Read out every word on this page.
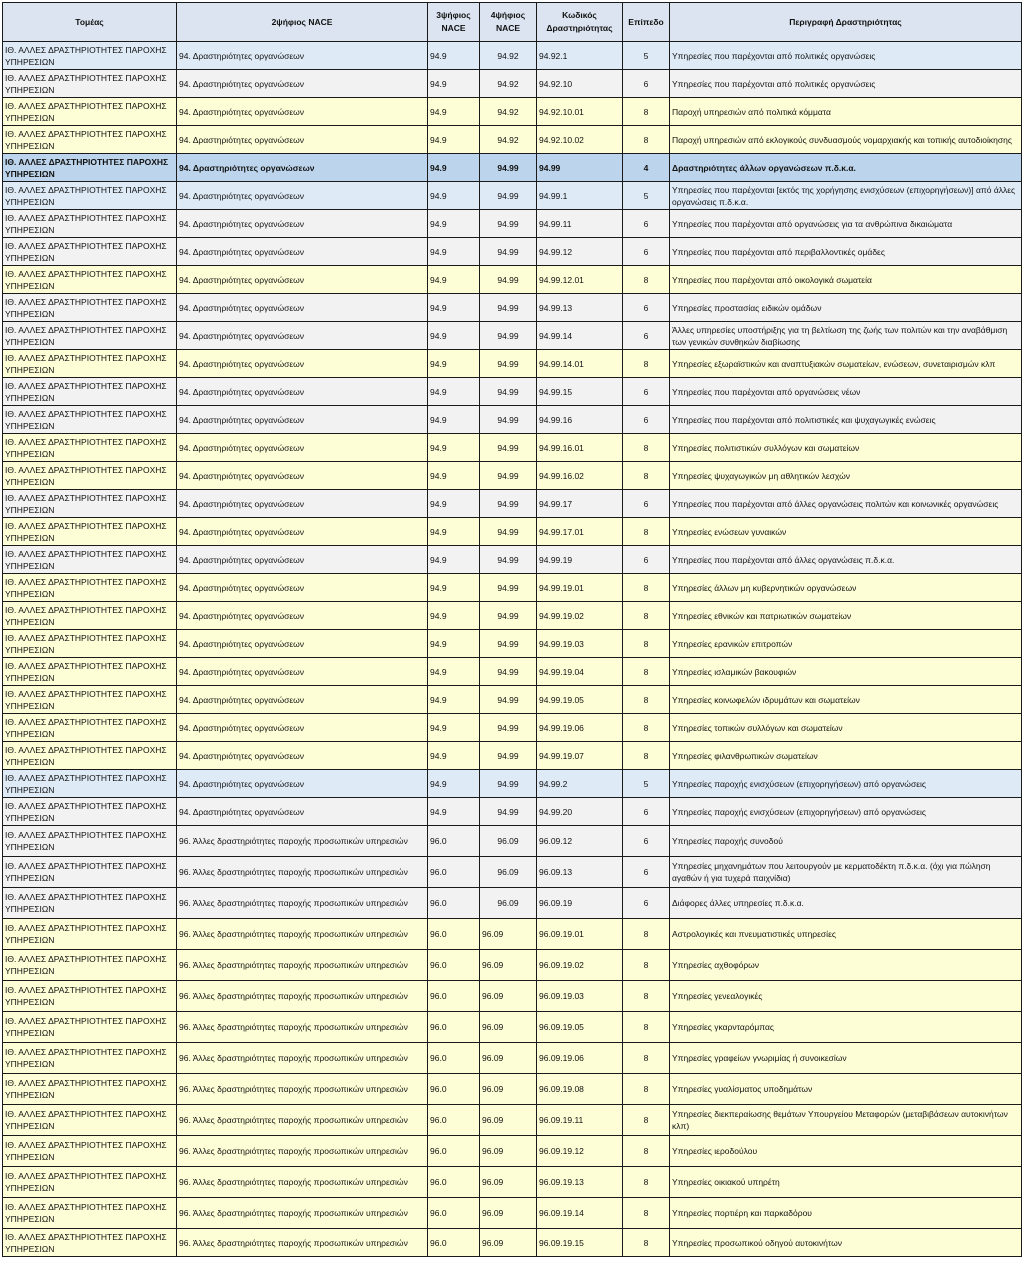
Τομέας	2ψήφιος NACE	3ψήφιος NACE	4ψήφιος NACE	Κωδικός Δραστηριότητας	Επίπεδο	Περιγραφή Δραστηριότητας
ΙΘ. ΑΛΛΕΣ ΔΡΑΣΤΗΡΙΟΤΗΤΕΣ ΠΑΡΟΧΗΣ ΥΠΗΡΕΣΙΩΝ	94. Δραστηριότητες οργανώσεων	94.9	94.92	94.92.1	5	Υπηρεσίες που παρέχονται από πολιτικές οργανώσεις
ΙΘ. ΑΛΛΕΣ ΔΡΑΣΤΗΡΙΟΤΗΤΕΣ ΠΑΡΟΧΗΣ ΥΠΗΡΕΣΙΩΝ	94. Δραστηριότητες οργανώσεων	94.9	94.92	94.92.10	6	Υπηρεσίες που παρέχονται από πολιτικές οργανώσεις
ΙΘ. ΑΛΛΕΣ ΔΡΑΣΤΗΡΙΟΤΗΤΕΣ ΠΑΡΟΧΗΣ ΥΠΗΡΕΣΙΩΝ	94. Δραστηριότητες οργανώσεων	94.9	94.92	94.92.10.01	8	Παροχή υπηρεσιών από πολιτικά κόμματα
ΙΘ. ΑΛΛΕΣ ΔΡΑΣΤΗΡΙΟΤΗΤΕΣ ΠΑΡΟΧΗΣ ΥΠΗΡΕΣΙΩΝ	94. Δραστηριότητες οργανώσεων	94.9	94.92	94.92.10.02	8	Παροχή υπηρεσιών από εκλογικούς συνδυασμούς νομαρχιακής και τοπικής αυτοδιοίκησης
ΙΘ. ΑΛΛΕΣ ΔΡΑΣΤΗΡΙΟΤΗΤΕΣ ΠΑΡΟΧΗΣ ΥΠΗΡΕΣΙΩΝ	94. Δραστηριότητες οργανώσεων	94.9	94.99	94.99	4	Δραστηριότητες άλλων οργανώσεων π.δ.κ.α.
ΙΘ. ΑΛΛΕΣ ΔΡΑΣΤΗΡΙΟΤΗΤΕΣ ΠΑΡΟΧΗΣ ΥΠΗΡΕΣΙΩΝ	94. Δραστηριότητες οργανώσεων	94.9	94.99	94.99.1	5	Υπηρεσίες που παρέχονται [εκτός της χορήγησης ενισχύσεων (επιχορηγήσεων)] από άλλες οργανώσεις π.δ.κ.α.
ΙΘ. ΑΛΛΕΣ ΔΡΑΣΤΗΡΙΟΤΗΤΕΣ ΠΑΡΟΧΗΣ ΥΠΗΡΕΣΙΩΝ	94. Δραστηριότητες οργανώσεων	94.9	94.99	94.99.11	6	Υπηρεσίες που παρέχονται από οργανώσεις για τα ανθρώπινα δικαιώματα
ΙΘ. ΑΛΛΕΣ ΔΡΑΣΤΗΡΙΟΤΗΤΕΣ ΠΑΡΟΧΗΣ ΥΠΗΡΕΣΙΩΝ	94. Δραστηριότητες οργανώσεων	94.9	94.99	94.99.12	6	Υπηρεσίες που παρέχονται από περιβαλλοντικές ομάδες
ΙΘ. ΑΛΛΕΣ ΔΡΑΣΤΗΡΙΟΤΗΤΕΣ ΠΑΡΟΧΗΣ ΥΠΗΡΕΣΙΩΝ	94. Δραστηριότητες οργανώσεων	94.9	94.99	94.99.12.01	8	Υπηρεσίες που παρέχονται από οικολογικά σωματεία
ΙΘ. ΑΛΛΕΣ ΔΡΑΣΤΗΡΙΟΤΗΤΕΣ ΠΑΡΟΧΗΣ ΥΠΗΡΕΣΙΩΝ	94. Δραστηριότητες οργανώσεων	94.9	94.99	94.99.13	6	Υπηρεσίες προστασίας ειδικών ομάδων
ΙΘ. ΑΛΛΕΣ ΔΡΑΣΤΗΡΙΟΤΗΤΕΣ ΠΑΡΟΧΗΣ ΥΠΗΡΕΣΙΩΝ	94. Δραστηριότητες οργανώσεων	94.9	94.99	94.99.14	6	Άλλες υπηρεσίες υποστήριξης για τη βελτίωση της ζωής των πολιτών και την αναβάθμιση των γενικών συνθηκών διαβίωσης
ΙΘ. ΑΛΛΕΣ ΔΡΑΣΤΗΡΙΟΤΗΤΕΣ ΠΑΡΟΧΗΣ ΥΠΗΡΕΣΙΩΝ	94. Δραστηριότητες οργανώσεων	94.9	94.99	94.99.14.01	8	Υπηρεσίες εξωραϊστικών και αναπτυξιακών σωματείων, ενώσεων, συνεταιρισμών κλπ
ΙΘ. ΑΛΛΕΣ ΔΡΑΣΤΗΡΙΟΤΗΤΕΣ ΠΑΡΟΧΗΣ ΥΠΗΡΕΣΙΩΝ	94. Δραστηριότητες οργανώσεων	94.9	94.99	94.99.15	6	Υπηρεσίες που παρέχονται από οργανώσεις νέων
ΙΘ. ΑΛΛΕΣ ΔΡΑΣΤΗΡΙΟΤΗΤΕΣ ΠΑΡΟΧΗΣ ΥΠΗΡΕΣΙΩΝ	94. Δραστηριότητες οργανώσεων	94.9	94.99	94.99.16	6	Υπηρεσίες που παρέχονται από πολιτιστικές και ψυχαγωγικές ενώσεις
ΙΘ. ΑΛΛΕΣ ΔΡΑΣΤΗΡΙΟΤΗΤΕΣ ΠΑΡΟΧΗΣ ΥΠΗΡΕΣΙΩΝ	94. Δραστηριότητες οργανώσεων	94.9	94.99	94.99.16.01	8	Υπηρεσίες πολιτιστικών συλλόγων και σωματείων
ΙΘ. ΑΛΛΕΣ ΔΡΑΣΤΗΡΙΟΤΗΤΕΣ ΠΑΡΟΧΗΣ ΥΠΗΡΕΣΙΩΝ	94. Δραστηριότητες οργανώσεων	94.9	94.99	94.99.16.02	8	Υπηρεσίες ψυχαγωγικών μη αθλητικών λεσχών
ΙΘ. ΑΛΛΕΣ ΔΡΑΣΤΗΡΙΟΤΗΤΕΣ ΠΑΡΟΧΗΣ ΥΠΗΡΕΣΙΩΝ	94. Δραστηριότητες οργανώσεων	94.9	94.99	94.99.17	6	Υπηρεσίες που παρέχονται από άλλες οργανώσεις πολιτών και κοινωνικές οργανώσεις
ΙΘ. ΑΛΛΕΣ ΔΡΑΣΤΗΡΙΟΤΗΤΕΣ ΠΑΡΟΧΗΣ ΥΠΗΡΕΣΙΩΝ	94. Δραστηριότητες οργανώσεων	94.9	94.99	94.99.17.01	8	Υπηρεσίες ενώσεων γυναικών
ΙΘ. ΑΛΛΕΣ ΔΡΑΣΤΗΡΙΟΤΗΤΕΣ ΠΑΡΟΧΗΣ ΥΠΗΡΕΣΙΩΝ	94. Δραστηριότητες οργανώσεων	94.9	94.99	94.99.19	6	Υπηρεσίες που παρέχονται από άλλες οργανώσεις π.δ.κ.α.
ΙΘ. ΑΛΛΕΣ ΔΡΑΣΤΗΡΙΟΤΗΤΕΣ ΠΑΡΟΧΗΣ ΥΠΗΡΕΣΙΩΝ	94. Δραστηριότητες οργανώσεων	94.9	94.99	94.99.19.01	8	Υπηρεσίες άλλων μη κυβερνητικών οργανώσεων
ΙΘ. ΑΛΛΕΣ ΔΡΑΣΤΗΡΙΟΤΗΤΕΣ ΠΑΡΟΧΗΣ ΥΠΗΡΕΣΙΩΝ	94. Δραστηριότητες οργανώσεων	94.9	94.99	94.99.19.02	8	Υπηρεσίες εθνικών και πατριωτικών σωματείων
ΙΘ. ΑΛΛΕΣ ΔΡΑΣΤΗΡΙΟΤΗΤΕΣ ΠΑΡΟΧΗΣ ΥΠΗΡΕΣΙΩΝ	94. Δραστηριότητες οργανώσεων	94.9	94.99	94.99.19.03	8	Υπηρεσίες ερανικών επιτροπών
ΙΘ. ΑΛΛΕΣ ΔΡΑΣΤΗΡΙΟΤΗΤΕΣ ΠΑΡΟΧΗΣ ΥΠΗΡΕΣΙΩΝ	94. Δραστηριότητες οργανώσεων	94.9	94.99	94.99.19.04	8	Υπηρεσίες ισλαμικών βακουφιών
ΙΘ. ΑΛΛΕΣ ΔΡΑΣΤΗΡΙΟΤΗΤΕΣ ΠΑΡΟΧΗΣ ΥΠΗΡΕΣΙΩΝ	94. Δραστηριότητες οργανώσεων	94.9	94.99	94.99.19.05	8	Υπηρεσίες κοινωφελών ιδρυμάτων και σωματείων
ΙΘ. ΑΛΛΕΣ ΔΡΑΣΤΗΡΙΟΤΗΤΕΣ ΠΑΡΟΧΗΣ ΥΠΗΡΕΣΙΩΝ	94. Δραστηριότητες οργανώσεων	94.9	94.99	94.99.19.06	8	Υπηρεσίες τοπικών συλλόγων και σωματείων
ΙΘ. ΑΛΛΕΣ ΔΡΑΣΤΗΡΙΟΤΗΤΕΣ ΠΑΡΟΧΗΣ ΥΠΗΡΕΣΙΩΝ	94. Δραστηριότητες οργανώσεων	94.9	94.99	94.99.19.07	8	Υπηρεσίες φιλανθρωπικών σωματείων
ΙΘ. ΑΛΛΕΣ ΔΡΑΣΤΗΡΙΟΤΗΤΕΣ ΠΑΡΟΧΗΣ ΥΠΗΡΕΣΙΩΝ	94. Δραστηριότητες οργανώσεων	94.9	94.99	94.99.2	5	Υπηρεσίες παροχής ενισχύσεων (επιχορηγήσεων) από οργανώσεις
ΙΘ. ΑΛΛΕΣ ΔΡΑΣΤΗΡΙΟΤΗΤΕΣ ΠΑΡΟΧΗΣ ΥΠΗΡΕΣΙΩΝ	94. Δραστηριότητες οργανώσεων	94.9	94.99	94.99.20	6	Υπηρεσίες παροχής ενισχύσεων (επιχορηγήσεων) από οργανώσεις
ΙΘ. ΑΛΛΕΣ ΔΡΑΣΤΗΡΙΟΤΗΤΕΣ ΠΑΡΟΧΗΣ ΥΠΗΡΕΣΙΩΝ	96. Άλλες δραστηριότητες παροχής προσωπικών υπηρεσιών	96.0	96.09	96.09.12	6	Υπηρεσίες παροχής συνοδού
ΙΘ. ΑΛΛΕΣ ΔΡΑΣΤΗΡΙΟΤΗΤΕΣ ΠΑΡΟΧΗΣ ΥΠΗΡΕΣΙΩΝ	96. Άλλες δραστηριότητες παροχής προσωπικών υπηρεσιών	96.0	96.09	96.09.13	6	Υπηρεσίες μηχανημάτων που λειτουργούν με κερματοδέκτη π.δ.κ.α. (όχι για πώληση αγαθών ή για τυχερά παιχνίδια)
ΙΘ. ΑΛΛΕΣ ΔΡΑΣΤΗΡΙΟΤΗΤΕΣ ΠΑΡΟΧΗΣ ΥΠΗΡΕΣΙΩΝ	96. Άλλες δραστηριότητες παροχής προσωπικών υπηρεσιών	96.0	96.09	96.09.19	6	Διάφορες άλλες υπηρεσίες π.δ.κ.α.
ΙΘ. ΑΛΛΕΣ ΔΡΑΣΤΗΡΙΟΤΗΤΕΣ ΠΑΡΟΧΗΣ ΥΠΗΡΕΣΙΩΝ	96. Άλλες δραστηριότητες παροχής προσωπικών υπηρεσιών	96.0	96.09	96.09.19.01	8	Αστρολογικές και πνευματιστικές υπηρεσίες
ΙΘ. ΑΛΛΕΣ ΔΡΑΣΤΗΡΙΟΤΗΤΕΣ ΠΑΡΟΧΗΣ ΥΠΗΡΕΣΙΩΝ	96. Άλλες δραστηριότητες παροχής προσωπικών υπηρεσιών	96.0	96.09	96.09.19.02	8	Υπηρεσίες αχθοφόρων
ΙΘ. ΑΛΛΕΣ ΔΡΑΣΤΗΡΙΟΤΗΤΕΣ ΠΑΡΟΧΗΣ ΥΠΗΡΕΣΙΩΝ	96. Άλλες δραστηριότητες παροχής προσωπικών υπηρεσιών	96.0	96.09	96.09.19.03	8	Υπηρεσίες γενεαλογικές
ΙΘ. ΑΛΛΕΣ ΔΡΑΣΤΗΡΙΟΤΗΤΕΣ ΠΑΡΟΧΗΣ ΥΠΗΡΕΣΙΩΝ	96. Άλλες δραστηριότητες παροχής προσωπικών υπηρεσιών	96.0	96.09	96.09.19.05	8	Υπηρεσίες γκαρνταρόμπας
ΙΘ. ΑΛΛΕΣ ΔΡΑΣΤΗΡΙΟΤΗΤΕΣ ΠΑΡΟΧΗΣ ΥΠΗΡΕΣΙΩΝ	96. Άλλες δραστηριότητες παροχής προσωπικών υπηρεσιών	96.0	96.09	96.09.19.06	8	Υπηρεσίες γραφείων γνωριμίας ή συνοικεσίων
ΙΘ. ΑΛΛΕΣ ΔΡΑΣΤΗΡΙΟΤΗΤΕΣ ΠΑΡΟΧΗΣ ΥΠΗΡΕΣΙΩΝ	96. Άλλες δραστηριότητες παροχής προσωπικών υπηρεσιών	96.0	96.09	96.09.19.08	8	Υπηρεσίες γυαλίσματος υποδημάτων
ΙΘ. ΑΛΛΕΣ ΔΡΑΣΤΗΡΙΟΤΗΤΕΣ ΠΑΡΟΧΗΣ ΥΠΗΡΕΣΙΩΝ	96. Άλλες δραστηριότητες παροχής προσωπικών υπηρεσιών	96.0	96.09	96.09.19.11	8	Υπηρεσίες διεκπεραίωσης θεμάτων Υπουργείου Μεταφορών (μεταβιβάσεων αυτοκινήτων κλπ)
ΙΘ. ΑΛΛΕΣ ΔΡΑΣΤΗΡΙΟΤΗΤΕΣ ΠΑΡΟΧΗΣ ΥΠΗΡΕΣΙΩΝ	96. Άλλες δραστηριότητες παροχής προσωπικών υπηρεσιών	96.0	96.09	96.09.19.12	8	Υπηρεσίες ιεροδούλου
ΙΘ. ΑΛΛΕΣ ΔΡΑΣΤΗΡΙΟΤΗΤΕΣ ΠΑΡΟΧΗΣ ΥΠΗΡΕΣΙΩΝ	96. Άλλες δραστηριότητες παροχής προσωπικών υπηρεσιών	96.0	96.09	96.09.19.13	8	Υπηρεσίες οικιακού υπηρέτη
ΙΘ. ΑΛΛΕΣ ΔΡΑΣΤΗΡΙΟΤΗΤΕΣ ΠΑΡΟΧΗΣ ΥΠΗΡΕΣΙΩΝ	96. Άλλες δραστηριότητες παροχής προσωπικών υπηρεσιών	96.0	96.09	96.09.19.14	8	Υπηρεσίες πορτιέρη και παρκαδόρου
ΙΘ. ΑΛΛΕΣ ΔΡΑΣΤΗΡΙΟΤΗΤΕΣ ΠΑΡΟΧΗΣ ΥΠΗΡΕΣΙΩΝ	96. Άλλες δραστηριότητες παροχής προσωπικών υπηρεσιών	96.0	96.09	96.09.19.15	8	Υπηρεσίες προσωπικού οδηγού αυτοκινήτων
